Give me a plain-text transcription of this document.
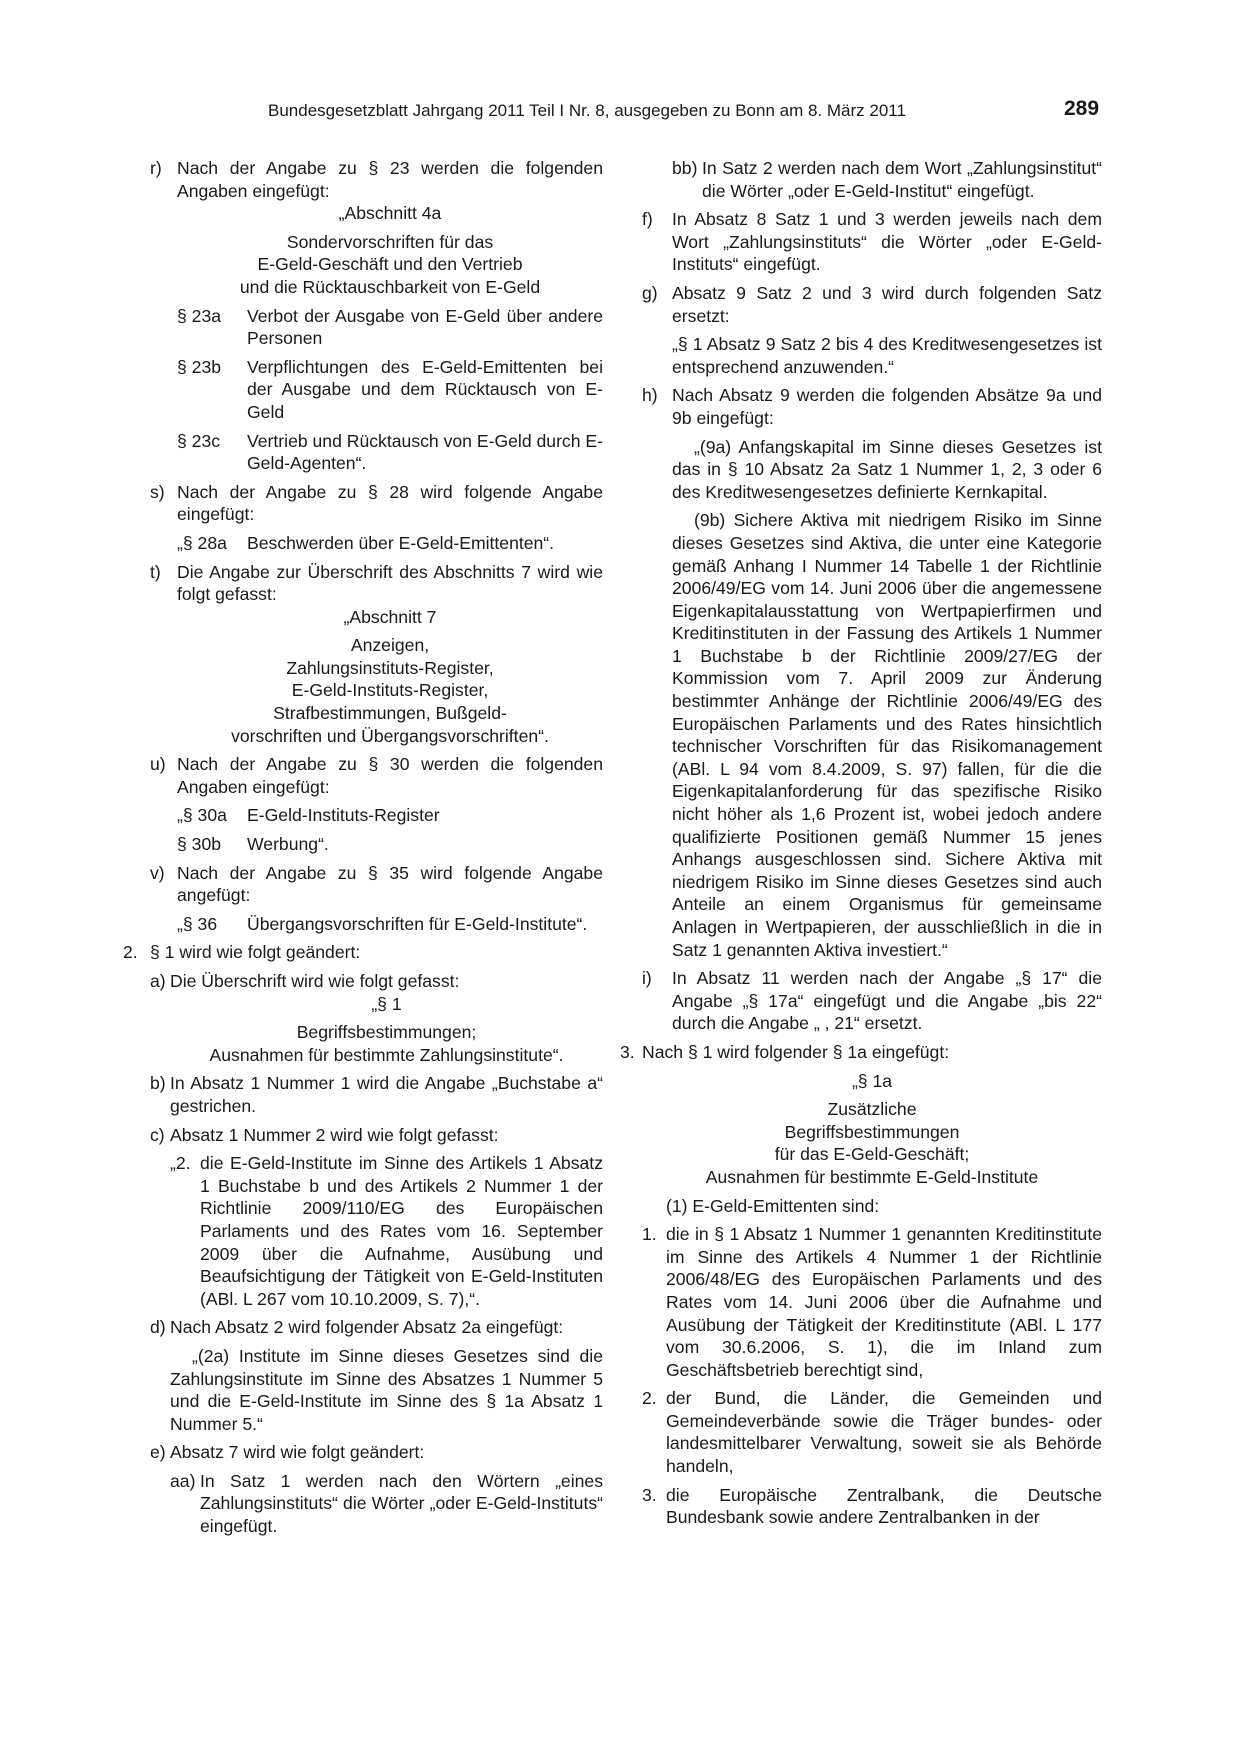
Bundesgesetzblatt Jahrgang 2011 Teil I Nr. 8, ausgegeben zu Bonn am 8. März 2011	289
r) Nach der Angabe zu § 23 werden die folgenden Angaben eingefügt:
„Abschnitt 4a
Sondervorschriften für das
E-Geld-Geschäft und den Vertrieb
und die Rücktauschbarkeit von E-Geld
§ 23a Verbot der Ausgabe von E-Geld über andere Personen
§ 23b Verpflichtungen des E-Geld-Emittenten bei der Ausgabe und dem Rücktausch von E-Geld
§ 23c Vertrieb und Rücktausch von E-Geld durch E-Geld-Agenten“.
s) Nach der Angabe zu § 28 wird folgende Angabe eingefügt:
„§ 28a Beschwerden über E-Geld-Emittenten“.
t) Die Angabe zur Überschrift des Abschnitts 7 wird wie folgt gefasst:
„Abschnitt 7
Anzeigen,
Zahlungsinstituts-Register,
E-Geld-Instituts-Register,
Strafbestimmungen, Bußgeld-
vorschriften und Übergangsvorschriften“.
u) Nach der Angabe zu § 30 werden die folgenden Angaben eingefügt:
„§ 30a E-Geld-Instituts-Register
§ 30b Werbung“.
v) Nach der Angabe zu § 35 wird folgende Angabe angefügt:
„§ 36 Übergangsvorschriften für E-Geld-Institute“.
2. § 1 wird wie folgt geändert:
a) Die Überschrift wird wie folgt gefasst:
„§ 1
Begriffsbestimmungen;
Ausnahmen für bestimmte Zahlungsinstitute“.
b) In Absatz 1 Nummer 1 wird die Angabe „Buchstabe a“ gestrichen.
c) Absatz 1 Nummer 2 wird wie folgt gefasst:
„2. die E-Geld-Institute im Sinne des Artikels 1 Absatz 1 Buchstabe b und des Artikels 2 Nummer 1 der Richtlinie 2009/110/EG des Europäischen Parlaments und des Rates vom 16. September 2009 über die Aufnahme, Ausübung und Beaufsichtigung der Tätigkeit von E-Geld-Instituten (ABl. L 267 vom 10.10.2009, S. 7),“.
d) Nach Absatz 2 wird folgender Absatz 2a eingefügt:
„(2a) Institute im Sinne dieses Gesetzes sind die Zahlungsinstitute im Sinne des Absatzes 1 Nummer 5 und die E-Geld-Institute im Sinne des § 1a Absatz 1 Nummer 5.“
e) Absatz 7 wird wie folgt geändert:
aa) In Satz 1 werden nach den Wörtern „eines Zahlungsinstituts“ die Wörter „oder E-Geld-Instituts“ eingefügt.
bb) In Satz 2 werden nach dem Wort „Zahlungsinstitut“ die Wörter „oder E-Geld-Institut“ eingefügt.
f) In Absatz 8 Satz 1 und 3 werden jeweils nach dem Wort „Zahlungsinstituts“ die Wörter „oder E-Geld-Instituts“ eingefügt.
g) Absatz 9 Satz 2 und 3 wird durch folgenden Satz ersetzt:
„§ 1 Absatz 9 Satz 2 bis 4 des Kreditwesengesetzes ist entsprechend anzuwenden.“
h) Nach Absatz 9 werden die folgenden Absätze 9a und 9b eingefügt:
„(9a) Anfangskapital im Sinne dieses Gesetzes ist das in § 10 Absatz 2a Satz 1 Nummer 1, 2, 3 oder 6 des Kreditwesengesetzes definierte Kernkapital.
(9b) Sichere Aktiva mit niedrigem Risiko im Sinne dieses Gesetzes sind Aktiva, die unter eine Kategorie gemäß Anhang I Nummer 14 Tabelle 1 der Richtlinie 2006/49/EG vom 14. Juni 2006 über die angemessene Eigenkapitalausstattung von Wertpapierfirmen und Kreditinstituten in der Fassung des Artikels 1 Nummer 1 Buchstabe b der Richtlinie 2009/27/EG der Kommission vom 7. April 2009 zur Änderung bestimmter Anhänge der Richtlinie 2006/49/EG des Europäischen Parlaments und des Rates hinsichtlich technischer Vorschriften für das Risikomanagement (ABl. L 94 vom 8.4.2009, S. 97) fallen, für die die Eigenkapitalanforderung für das spezifische Risiko nicht höher als 1,6 Prozent ist, wobei jedoch andere qualifizierte Positionen gemäß Nummer 15 jenes Anhangs ausgeschlossen sind. Sichere Aktiva mit niedrigem Risiko im Sinne dieses Gesetzes sind auch Anteile an einem Organismus für gemeinsame Anlagen in Wertpapieren, der ausschließlich in die in Satz 1 genannten Aktiva investiert.“
i) In Absatz 11 werden nach der Angabe „§ 17“ die Angabe „§ 17a“ eingefügt und die Angabe „bis 22“ durch die Angabe „ , 21“ ersetzt.
3. Nach § 1 wird folgender § 1a eingefügt:
„§ 1a
Zusätzliche
Begriffsbestimmungen
für das E-Geld-Geschäft;
Ausnahmen für bestimmte E-Geld-Institute
(1) E-Geld-Emittenten sind:
1. die in § 1 Absatz 1 Nummer 1 genannten Kreditinstitute im Sinne des Artikels 4 Nummer 1 der Richtlinie 2006/48/EG des Europäischen Parlaments und des Rates vom 14. Juni 2006 über die Aufnahme und Ausübung der Tätigkeit der Kreditinstitute (ABl. L 177 vom 30.6.2006, S. 1), die im Inland zum Geschäftsbetrieb berechtigt sind,
2. der Bund, die Länder, die Gemeinden und Gemeindeverbände sowie die Träger bundes- oder landesmittelbarer Verwaltung, soweit sie als Behörde handeln,
3. die Europäische Zentralbank, die Deutsche Bundesbank sowie andere Zentralbanken in der
